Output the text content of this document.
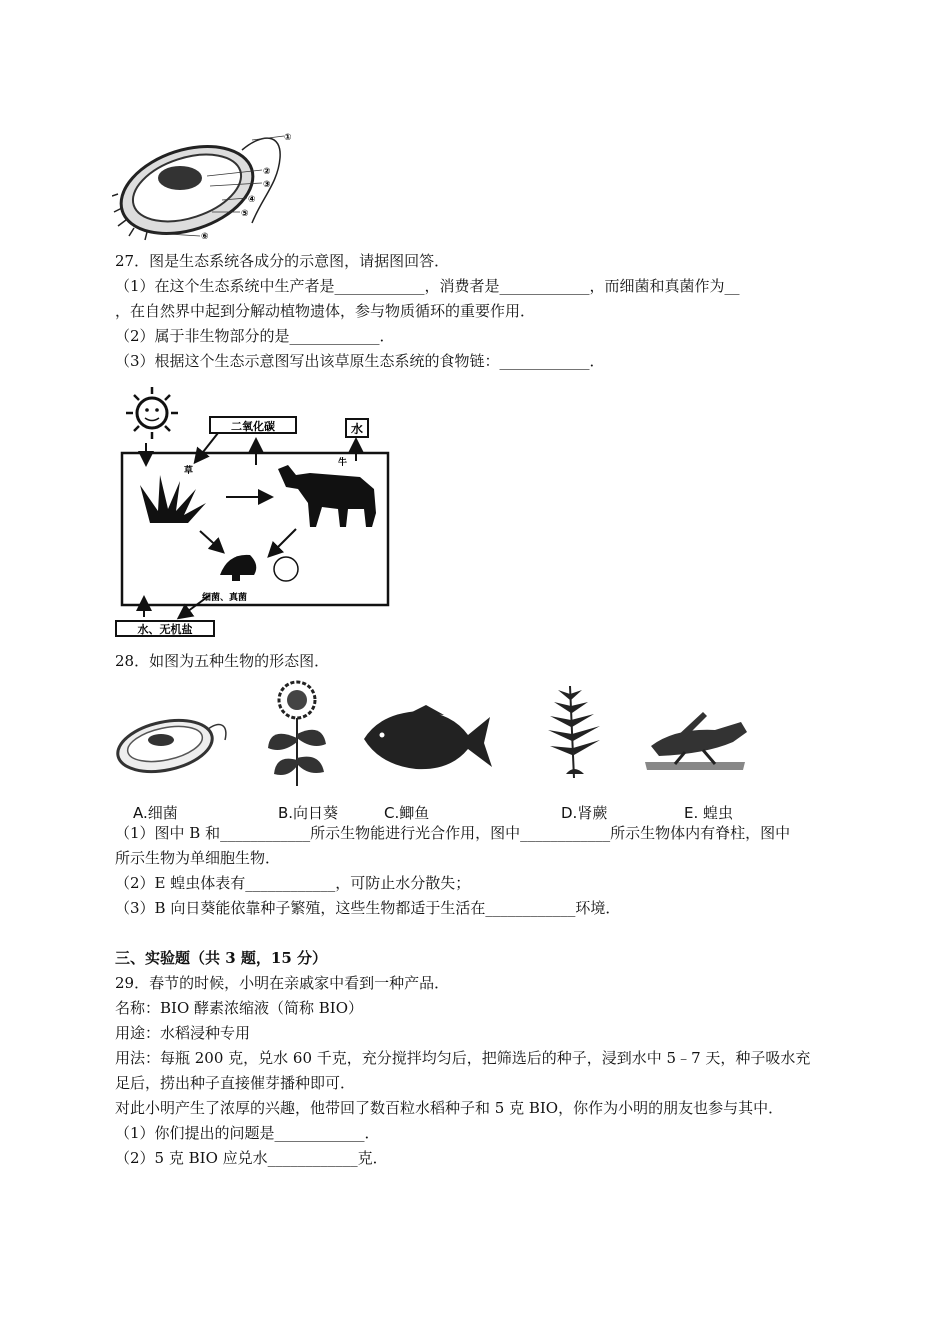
①
②
③
④
⑤
⑥
27．图是生态系统各成分的示意图，请据图回答．
（1）在这个生态系统中生产者是____________，消费者是____________，而细菌和真菌作为__
，在自然界中起到分解动植物遗体，参与物质循环的重要作用．
（2）属于非生物部分的是____________．
（3）根据这个生态示意图写出该草原生态系统的食物链：____________．
二氧化碳	水
草
牛
细菌、真菌
水、无机盐
28．如图为五种生物的形态图．
A.细菌	B.向日葵	C.鲫鱼	D.肾蕨	E. 蝗虫
（1）图中 B 和____________所示生物能进行光合作用，图中____________所示生物体内有脊柱，图中
所示生物为单细胞生物．
（2）E 蝗虫体表有____________，可防止水分散失；
（3）B 向日葵能依靠种子繁殖，这些生物都适于生活在____________环境．
三、实验题（共 3 题，15 分）
29．春节的时候，小明在亲戚家中看到一种产品．
名称：BIO 酵素浓缩液（简称 BIO）
用途：水稻浸种专用
用法：每瓶 200 克，兑水 60 千克，充分搅拌均匀后，把筛选后的种子，浸到水中 5﹣7 天，种子吸水充
足后，捞出种子直接催芽播种即可．
对此小明产生了浓厚的兴趣，他带回了数百粒水稻种子和 5 克 BIO，你作为小明的朋友也参与其中．
（1）你们提出的问题是____________．
（2）5 克 BIO 应兑水____________克．
